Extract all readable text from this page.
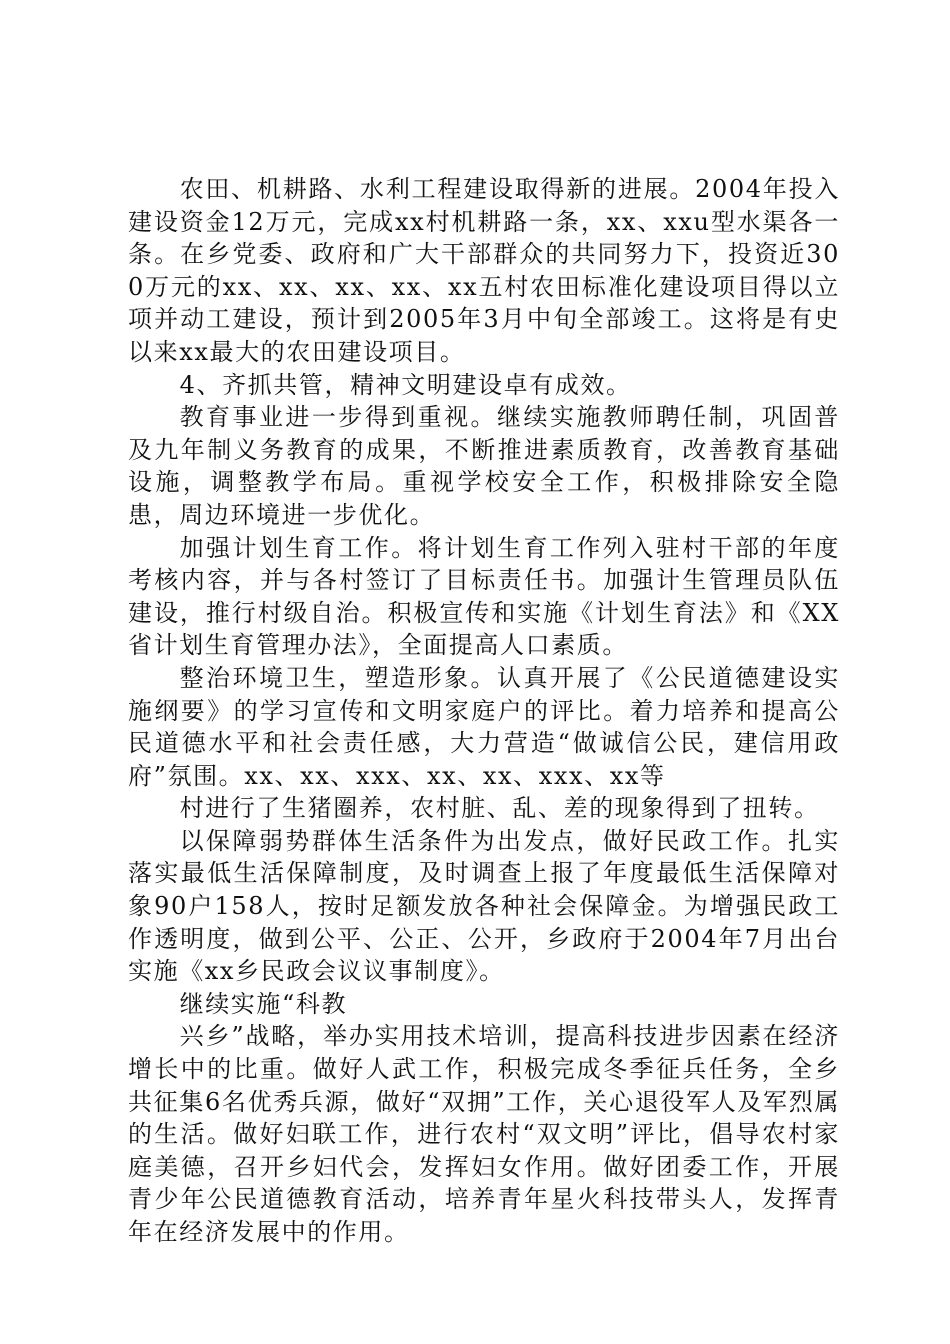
农田、机耕路、水利工程建设取得新的进展。2004年投入建设资金12万元，完成xx村机耕路一条，xx、xxu型水渠各一条。在乡党委、政府和广大干部群众的共同努力下，投资近300万元的xx、xx、xx、xx、xx五村农田标准化建设项目得以立项并动工建设，预计到2005年3月中旬全部竣工。这将是有史以来xx最大的农田建设项目。

4、齐抓共管，精神文明建设卓有成效。

教育事业进一步得到重视。继续实施教师聘任制，巩固普及九年制义务教育的成果，不断推进素质教育，改善教育基础设施，调整教学布局。重视学校安全工作，积极排除安全隐患，周边环境进一步优化。

加强计划生育工作。将计划生育工作列入驻村干部的年度考核内容，并与各村签订了目标责任书。加强计生管理员队伍建设，推行村级自治。积极宣传和实施《计划生育法》和《XX省计划生育管理办法》，全面提高人口素质。

整治环境卫生，塑造形象。认真开展了《公民道德建设实施纲要》的学习宣传和文明家庭户的评比。着力培养和提高公民道德水平和社会责任感，大力营造“做诚信公民，建信用政府”氛围。xx、xx、xxx、xx、xx、xxx、xx等

村进行了生猪圈养，农村脏、乱、差的现象得到了扭转。

以保障弱势群体生活条件为出发点，做好民政工作。扎实落实最低生活保障制度，及时调查上报了年度最低生活保障对象90户158人，按时足额发放各种社会保障金。为增强民政工作透明度，做到公平、公正、公开，乡政府于2004年7月出台实施《xx乡民政会议议事制度》。

继续实施“科教

兴乡”战略，举办实用技术培训，提高科技进步因素在经济增长中的比重。做好人武工作，积极完成冬季征兵任务，全乡共征集6名优秀兵源，做好“双拥”工作，关心退役军人及军烈属的生活。做好妇联工作，进行农村“双文明”评比，倡导农村家庭美德，召开乡妇代会，发挥妇女作用。做好团委工作，开展青少年公民道德教育活动，培养青年星火科技带头人，发挥青年在经济发展中的作用。
